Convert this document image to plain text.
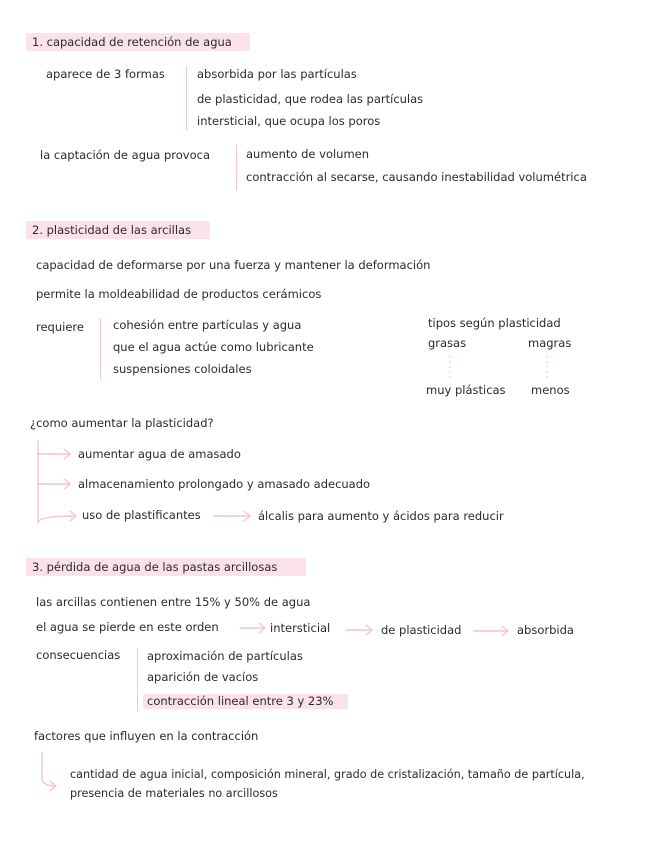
1. capacidad de retención de agua
aparece de 3 formas	absorbida por las partículas
de plasticidad, que rodea las partículas
intersticial, que ocupa los poros
la captación de agua provoca	aumento de volumen
contracción al secarse, causando inestabilidad volumétrica
2. plasticidad de las arcillas
capacidad de deformarse por una fuerza y mantener la deformación
permite la moldeabilidad de productos cerámicos
requiere	cohesión entre partículas y agua
que el agua actúe como lubricante
suspensiones coloidales
tipos según plasticidad
grasas	magras
muy plásticas menos
¿como aumentar la plasticidad?
aumentar agua de amasado
almacenamiento prolongado y amasado adecuado
uso de plastificantes	álcalis para aumento y ácidos para reducir
3. pérdida de agua de las pastas arcillosas
las arcillas contienen entre 15% y 50% de agua
el agua se pierde en este orden	intersticial	de plasticidad	absorbida
consecuencias aproximación de partículas
aparición de vacíos
contracción lineal entre 3 y 23%
factores que influyen en la contracción
cantidad de agua inicial, composición mineral, grado de cristalización, tamaño de partícula,
presencia de materiales no arcillosos
